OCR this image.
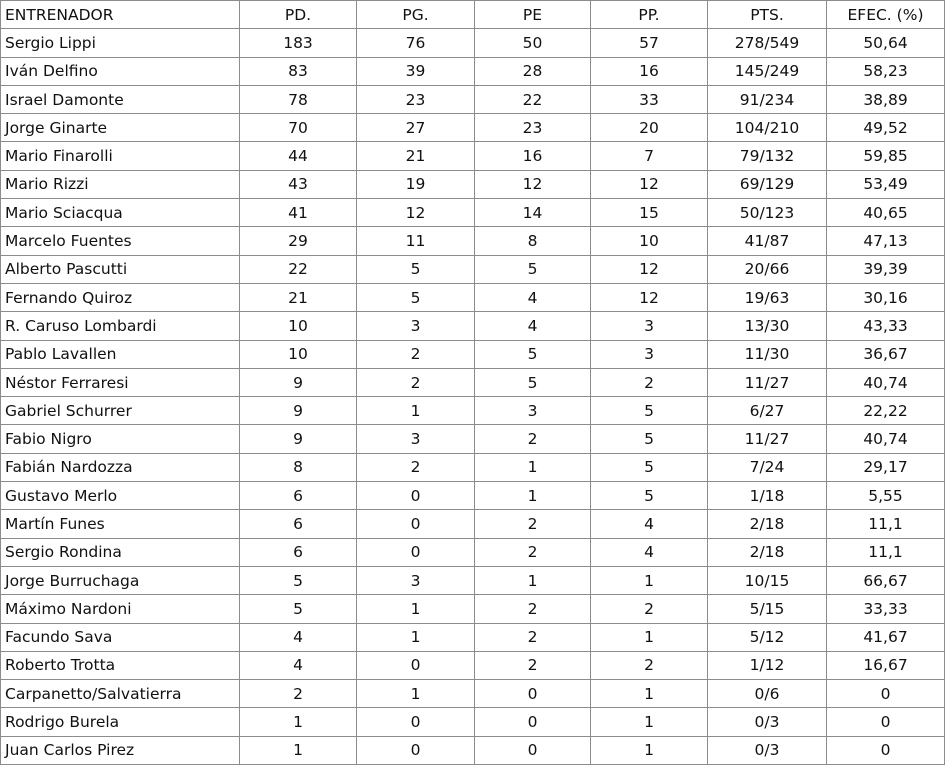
ENTRENADOR	PD.	PG.	PE	PP.	PTS.	EFEC. (%)
Sergio Lippi	183	76	50	57	278/549	50,64
Iván Delfino	83	39	28	16	145/249	58,23
Israel Damonte	78	23	22	33	91/234	38,89
Jorge Ginarte	70	27	23	20	104/210	49,52
Mario Finarolli	44	21	16	7	79/132	59,85
Mario Rizzi	43	19	12	12	69/129	53,49
Mario Sciacqua	41	12	14	15	50/123	40,65
Marcelo Fuentes	29	11	8	10	41/87	47,13
Alberto Pascutti	22	5	5	12	20/66	39,39
Fernando Quiroz	21	5	4	12	19/63	30,16
R. Caruso Lombardi	10	3	4	3	13/30	43,33
Pablo Lavallen	10	2	5	3	11/30	36,67
Néstor Ferraresi	9	2	5	2	11/27	40,74
Gabriel Schurrer	9	1	3	5	6/27	22,22
Fabio Nigro	9	3	2	5	11/27	40,74
Fabián Nardozza	8	2	1	5	7/24	29,17
Gustavo Merlo	6	0	1	5	1/18	5,55
Martín Funes	6	0	2	4	2/18	11,1
Sergio Rondina	6	0	2	4	2/18	11,1
Jorge Burruchaga	5	3	1	1	10/15	66,67
Máximo Nardoni	5	1	2	2	5/15	33,33
Facundo Sava	4	1	2	1	5/12	41,67
Roberto Trotta	4	0	2	2	1/12	16,67
Carpanetto/Salvatierra	2	1	0	1	0/6	0
Rodrigo Burela	1	0	0	1	0/3	0
Juan Carlos Pirez	1	0	0	1	0/3	0
